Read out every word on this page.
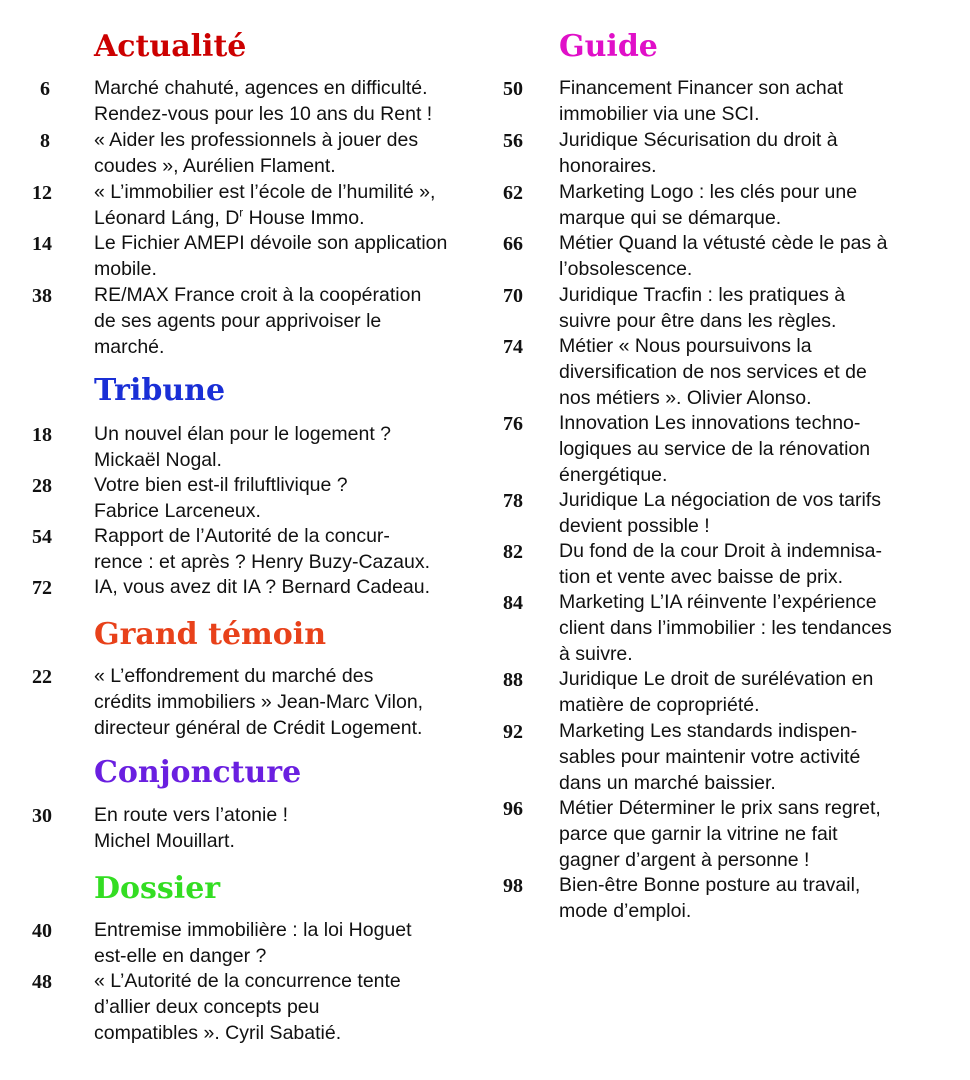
Actualité
6 Marché chahuté, agences en difficulté.
Rendez-vous pour les 10 ans du Rent !
8 « Aider les professionnels à jouer des
coudes », Aurélien Flament.
12 « L’immobilier est l’école de l’humilité »,
Léonard Láng, $D^r$ House Immo.
14 Le Fichier AMEPI dévoile son application
mobile.
38 RE/MAX France croit à la coopération
de ses agents pour apprivoiser le
marché.
Tribune
18 Un nouvel élan pour le logement ?
Mickaël Nogal.
28 Votre bien est-il friluftlivique ?
Fabrice Larceneux.
54 Rapport de l’Autorité de la concur-
rence : et après ? Henry Buzy-Cazaux.
72 IA, vous avez dit IA ? Bernard Cadeau.
Grand témoin
22 « L’effondrement du marché des
crédits immobiliers » Jean-Marc Vilon,
directeur général de Crédit Logement.
Conjoncture
30 En route vers l’atonie !
Michel Mouillart.
Dossier
40 Entremise immobilière : la loi Hoguet
est-elle en danger ?
48 « L’Autorité de la concurrence tente
d’allier deux concepts peu
compatibles ». Cyril Sabatié.
Guide
50 Financement Financer son achat
immobilier via une SCI.
56 Juridique Sécurisation du droit à
honoraires.
62 Marketing Logo : les clés pour une
marque qui se démarque.
66 Métier Quand la vétusté cède le pas à
l’obsolescence.
70 Juridique Tracfin : les pratiques à
suivre pour être dans les règles.
74 Métier « Nous poursuivons la
diversification de nos services et de
nos métiers ». Olivier Alonso.
76 Innovation Les innovations techno-
logiques au service de la rénovation
énergétique.
78 Juridique La négociation de vos tarifs
devient possible !
82 Du fond de la cour Droit à indemnisa-
tion et vente avec baisse de prix.
84 Marketing L’IA réinvente l’expérience
client dans l’immobilier : les tendances
à suivre.
88 Juridique Le droit de surélévation en
matière de copropriété.
92 Marketing Les standards indispen-
sables pour maintenir votre activité
dans un marché baissier.
96 Métier Déterminer le prix sans regret,
parce que garnir la vitrine ne fait
gagner d’argent à personne !
98 Bien-être Bonne posture au travail,
mode d’emploi.
